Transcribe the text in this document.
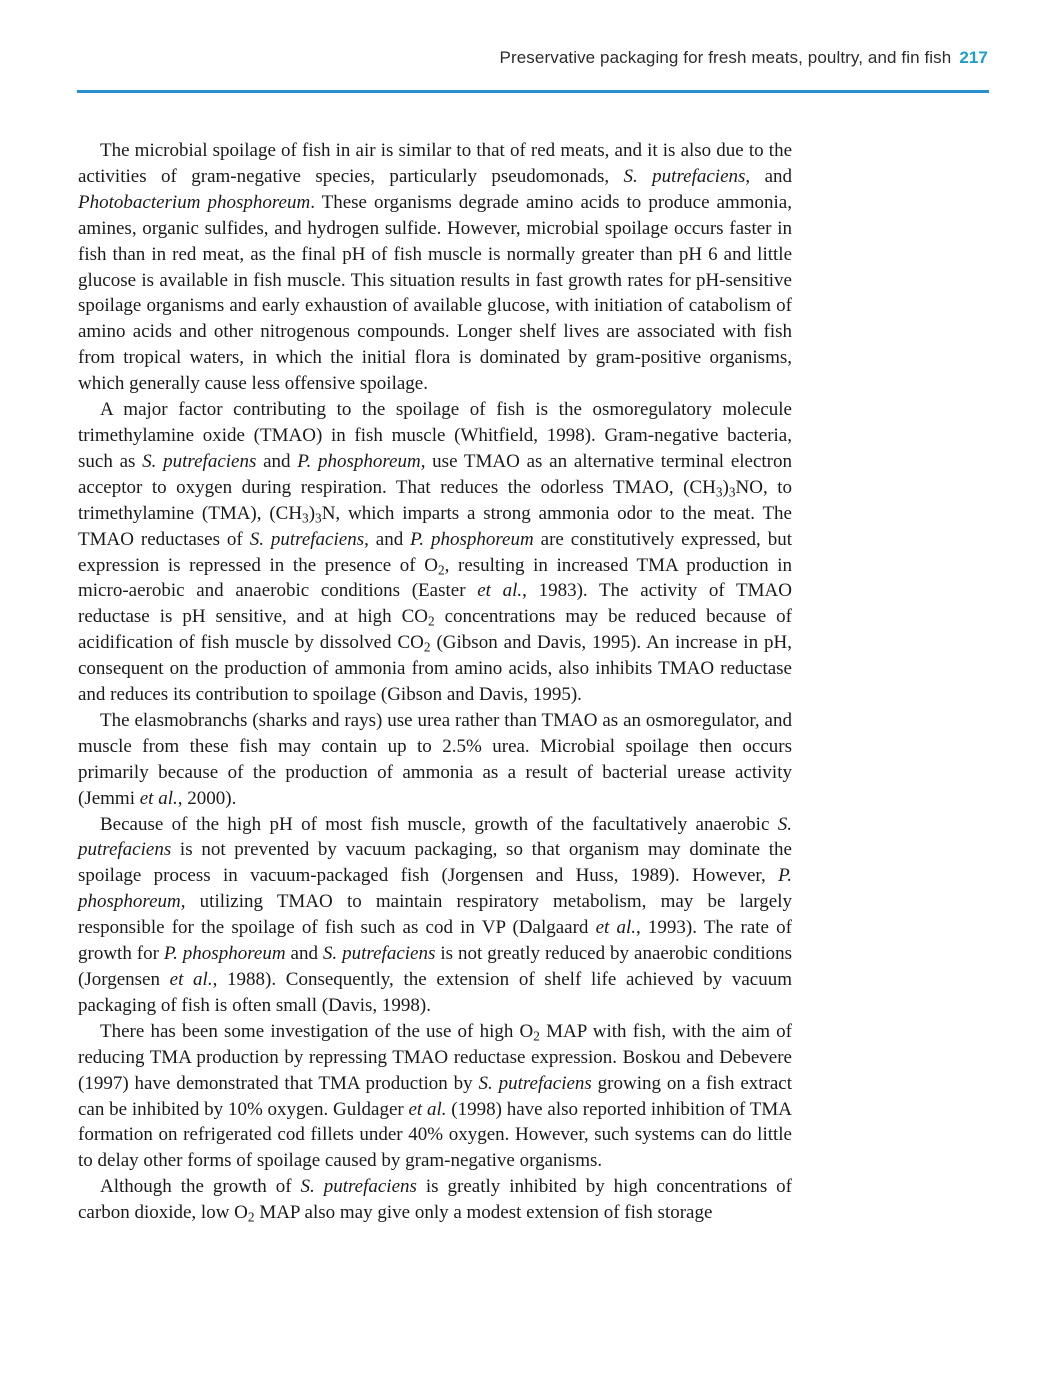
Preservative packaging for fresh meats, poultry, and fin fish 217

The microbial spoilage of fish in air is similar to that of red meats, and it is also due to the activities of gram-negative species, particularly pseudomonads, S. putrefaciens, and Photobacterium phosphoreum. These organisms degrade amino acids to produce ammonia, amines, organic sulfides, and hydrogen sulfide. However, microbial spoilage occurs faster in fish than in red meat, as the final pH of fish muscle is normally greater than pH 6 and little glucose is available in fish muscle. This situation results in fast growth rates for pH-sensitive spoilage organisms and early exhaustion of available glucose, with initiation of catabolism of amino acids and other nitrogenous compounds. Longer shelf lives are associated with fish from tropical waters, in which the initial flora is dominated by gram-positive organisms, which generally cause less offensive spoilage.

A major factor contributing to the spoilage of fish is the osmoregulatory molecule trimethylamine oxide (TMAO) in fish muscle (Whitfield, 1998). Gram-negative bacteria, such as S. putrefaciens and P. phosphoreum, use TMAO as an alternative terminal electron acceptor to oxygen during respiration. That reduces the odorless TMAO, $(CH_3)_3NO$, to trimethylamine (TMA), $(CH_3)_3N$, which imparts a strong ammonia odor to the meat. The TMAO reductases of S. putrefaciens, and P. phosphoreum are constitutively expressed, but expression is repressed in the presence of $O_2$, resulting in increased TMA production in micro-aerobic and anaerobic conditions (Easter et al., 1983). The activity of TMAO reductase is pH sensitive, and at high $CO_2$ concentrations may be reduced because of acidification of fish muscle by dissolved $CO_2$ (Gibson and Davis, 1995). An increase in pH, consequent on the production of ammonia from amino acids, also inhibits TMAO reductase and reduces its contribution to spoilage (Gibson and Davis, 1995).

The elasmobranchs (sharks and rays) use urea rather than TMAO as an osmoregulator, and muscle from these fish may contain up to 2.5% urea. Microbial spoilage then occurs primarily because of the production of ammonia as a result of bacterial urease activity (Jemmi et al., 2000).

Because of the high pH of most fish muscle, growth of the facultatively anaerobic S. putrefaciens is not prevented by vacuum packaging, so that organism may dominate the spoilage process in vacuum-packaged fish (Jorgensen and Huss, 1989). However, P. phosphoreum, utilizing TMAO to maintain respiratory metabolism, may be largely responsible for the spoilage of fish such as cod in VP (Dalgaard et al., 1993). The rate of growth for P. phosphoreum and S. putrefaciens is not greatly reduced by anaerobic conditions (Jorgensen et al., 1988). Consequently, the extension of shelf life achieved by vacuum packaging of fish is often small (Davis, 1998).

There has been some investigation of the use of high $O_2$ MAP with fish, with the aim of reducing TMA production by repressing TMAO reductase expression. Boskou and Debevere (1997) have demonstrated that TMA production by S. putrefaciens growing on a fish extract can be inhibited by 10% oxygen. Guldager et al. (1998) have also reported inhibition of TMA formation on refrigerated cod fillets under 40% oxygen. However, such systems can do little to delay other forms of spoilage caused by gram-negative organisms.

Although the growth of S. putrefaciens is greatly inhibited by high concentrations of carbon dioxide, low $O_2$ MAP also may give only a modest extension of fish storage
